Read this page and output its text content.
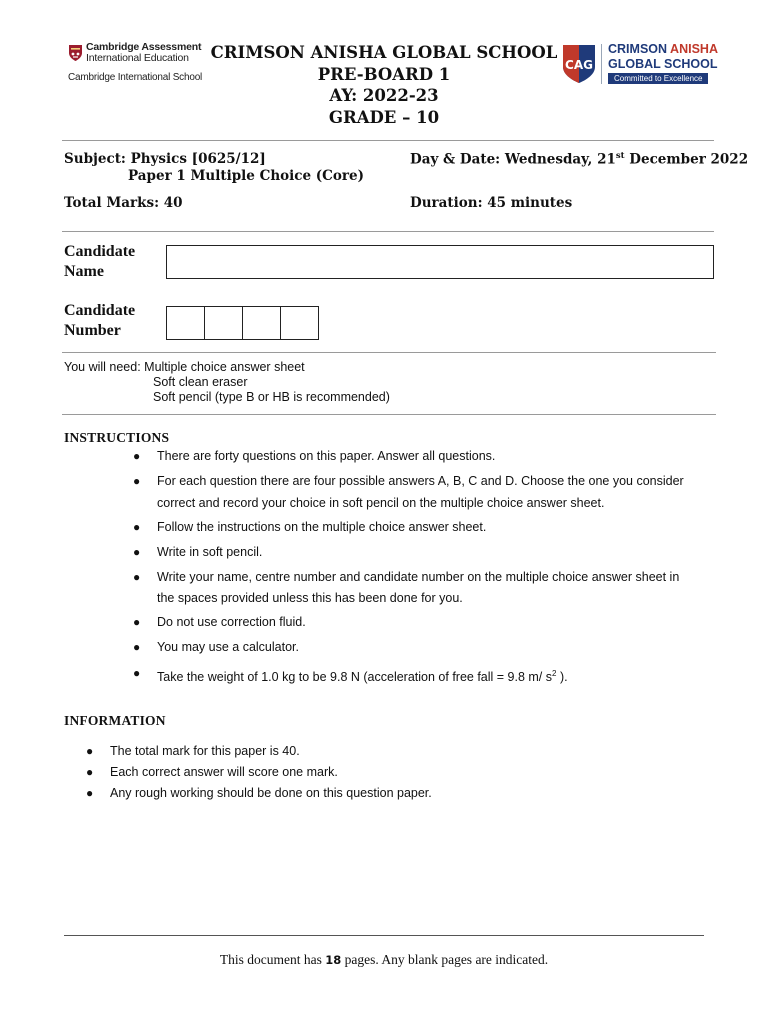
Cambridge Assessment
International Education
Cambridge International School
CRIMSON ANISHA GLOBAL SCHOOL
PRE-BOARD 1
AY: 2022-23
GRADE – 10
CAG
CRIMSON ANISHA
GLOBAL SCHOOL
Committed to Excellence
Subject: Physics [0625/12]
Paper 1 Multiple Choice (Core)
Day & Date: Wednesday, 21st December 2022
Total Marks: 40	Duration: 45 minutes
Candidate
Name
Candidate
Number
You will need: Multiple choice answer sheet
Soft clean eraser
Soft pencil (type B or HB is recommended)
INSTRUCTIONS
● There are forty questions on this paper. Answer all questions.
● For each question there are four possible answers A, B, C and D. Choose the one you consider
correct and record your choice in soft pencil on the multiple choice answer sheet.
● Follow the instructions on the multiple choice answer sheet.
● Write in soft pencil.
● Write your name, centre number and candidate number on the multiple choice answer sheet in
the spaces provided unless this has been done for you.
● Do not use correction fluid.
● You may use a calculator.
● Take the weight of 1.0 kg to be 9.8 N (acceleration of free fall = 9.8 m/ $s^2$ ).
INFORMATION
● The total mark for this paper is 40.
● Each correct answer will score one mark.
● Any rough working should be done on this question paper.
This document has 18 pages. Any blank pages are indicated.
